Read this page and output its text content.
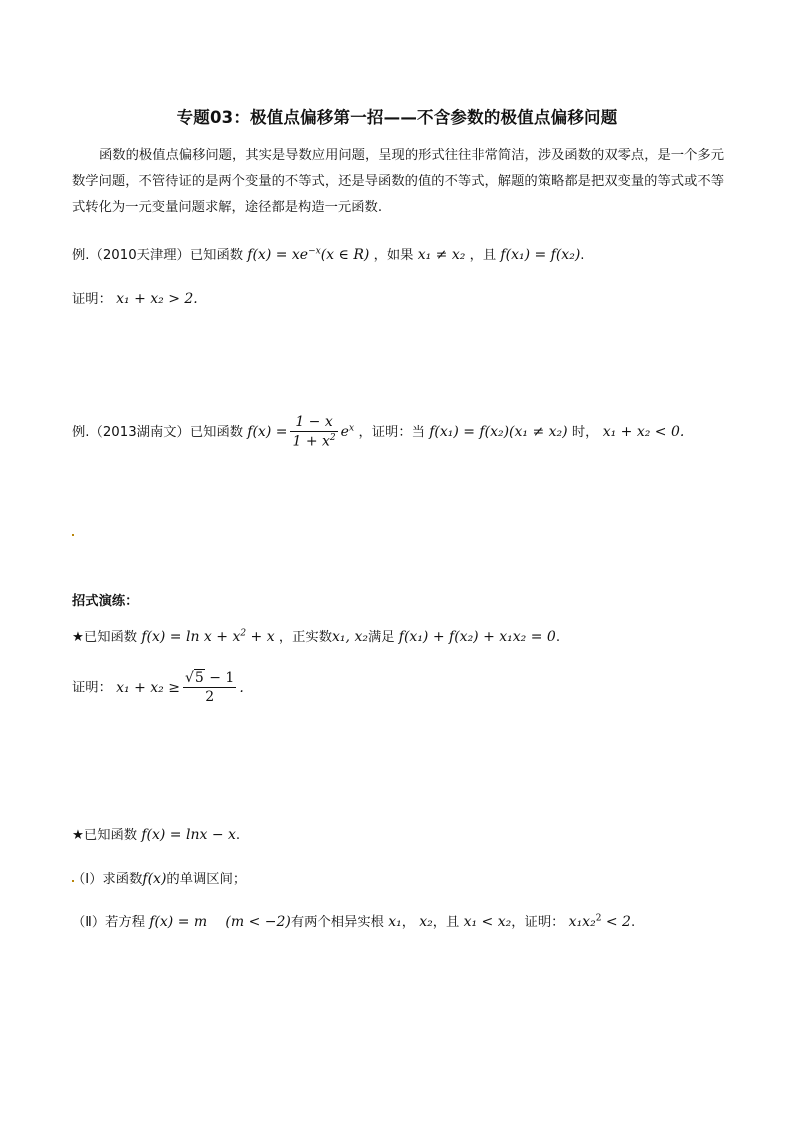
专题03：极值点偏移第一招——不含参数的极值点偏移问题
函数的极值点偏移问题，其实是导数应用问题，呈现的形式往往非常简洁，涉及函数的双零点，是一个多元数学问题，不管待证的是两个变量的不等式，还是导函数的值的不等式，解题的策略都是把双变量的等式或不等式转化为一元变量问题求解，途径都是构造一元函数.
例.（2010天津理）已知函数 $f(x) = xe^{-x}(x$ ∈ R) ，如果 x₁ ≠ x₂ ，且 f(x₁) = f(x₂).
证明： x₁ + x₂ > 2.
例.（2013湖南文）已知函数 $f(x) = \frac{1 - x}{1 + x^2} e^x$ ，证明：当 f(x₁) = f(x₂)(x₁ ≠ x₂) 时， x₁ + x₂ < 0.
招式演练：
★已知函数 $f(x) = \ln x + x^2 + x$ ，正实数x₁, x₂满足 f(x₁) + f(x₂) + x₁x₂ = 0.
证明： $x_1 + x_2 \ge \frac{√5 - 1}{2}$ .
★已知函数 f(x) = lnx − x.
（Ⅰ）求函数f(x)的单调区间；
（Ⅱ）若方程 f(x) = m (m < −2)有两个相异实根 x₁， x₂，且 x₁ < x₂，证明： x₁x₂$^2$ < 2.
